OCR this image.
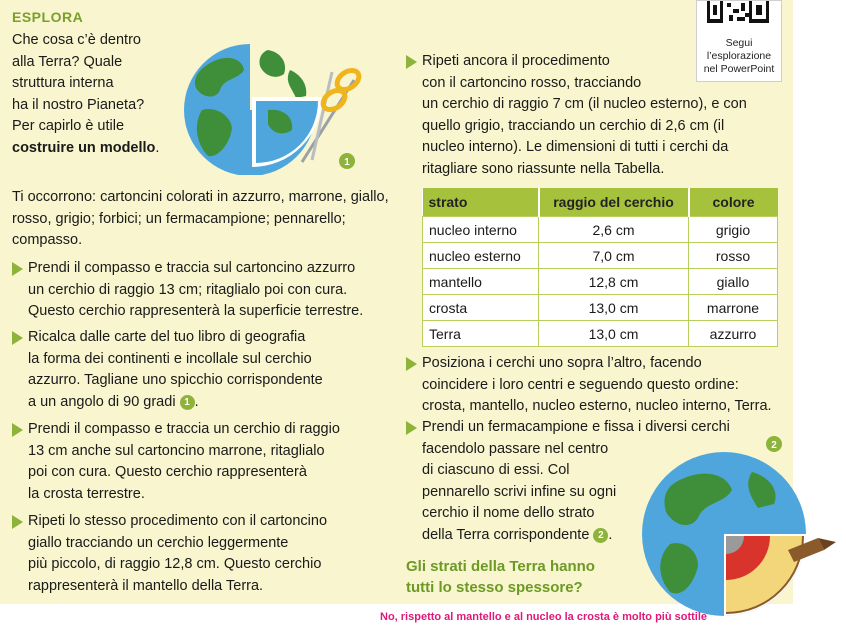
ESPLORA
Che cosa c’è dentro
alla Terra? Quale
struttura interna
ha il nostro Pianeta?
Per capirlo è utile
costruire un modello.
1
Ti occorrono: cartoncini colorati in azzurro, marrone, giallo, rosso, grigio; forbici; un fermacampione; pennarello; compasso.
Prendi il compasso e traccia sul cartoncino azzurro
un cerchio di raggio 13 cm; ritaglialo poi con cura.
Questo cerchio rappresenterà la superficie terrestre.
Ricalca dalle carte del tuo libro di geografia
la forma dei continenti e incollale sul cerchio
azzurro. Tagliane uno spicchio corrispondente
a un angolo di 90 gradi 1 .
Prendi il compasso e traccia un cerchio di raggio
13 cm anche sul cartoncino marrone, ritaglialo
poi con cura. Questo cerchio rappresenterà
la crosta terrestre.
Ripeti lo stesso procedimento con il cartoncino
giallo tracciando un cerchio leggermente
più piccolo, di raggio 12,8 cm. Questo cerchio
rappresenterà il mantello della Terra.
Segui
l’esplorazione
nel PowerPoint
Ripeti ancora il procedimento
con il cartoncino rosso, tracciando
un cerchio di raggio 7 cm (il nucleo esterno), e con
quello grigio, tracciando un cerchio di 2,6 cm (il
nucleo interno). Le dimensioni di tutti i cerchi da
ritagliare sono riassunte nella Tabella.
strato	raggio del cerchio	colore
nucleo interno	2,6 cm	grigio
nucleo esterno	7,0 cm	rosso
mantello	12,8 cm	giallo
crosta	13,0 cm	marrone
Terra	13,0 cm	azzurro
Posiziona i cerchi uno sopra l’altro, facendo
coincidere i loro centri e seguendo questo ordine:
crosta, mantello, nucleo esterno, nucleo interno, Terra.
Prendi un fermacampione e fissa i diversi cerchi
facendolo passare nel centro
di ciascuno di essi. Col
pennarello scrivi infine su ogni
cerchio il nome dello strato
della Terra corrispondente 2 .
2
Gli strati della Terra hanno
tutti lo stesso spessore?
No, rispetto al mantello e al nucleo la crosta è molto più sottile
